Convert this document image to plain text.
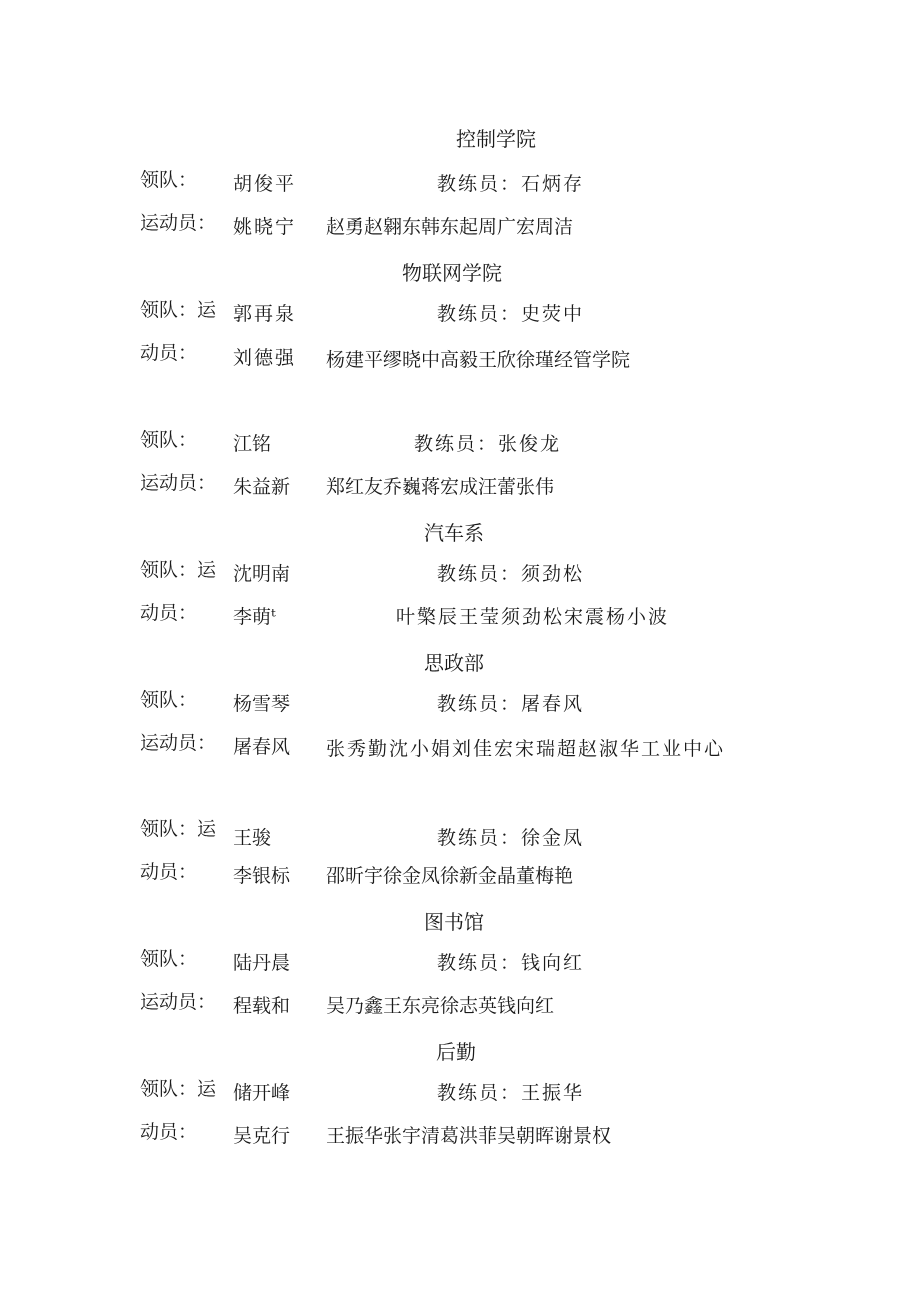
控制学院
领队： 胡俊平	教练员：石炳存
运动员： 姚晓宁 赵勇赵翱东韩东起周广宏周洁
物联网学院
领队：运 郭再泉	教练员：史荧中
动员： 刘德强 杨建平缪晓中高毅王欣徐瑾经管学院
领队： 江铭	教练员：张俊龙
运动员： 朱益新 郑红友乔巍蒋宏成汪蕾张伟
汽车系
领队：运 沈明南	教练员：须劲松
动员： 李萌ᵗ	叶檠辰王莹须劲松宋震杨小波
思政部
领队： 杨雪琴	教练员：屠春风
运动员： 屠春风 张秀勤沈小娟刘佳宏宋瑞超赵淑华工业中心
领队：运 王骏	教练员：徐金凤
动员： 李银标 邵昕宇徐金凤徐新金晶董梅艳
图书馆
领队： 陆丹晨	教练员：钱向红
运动员： 程载和 吴乃鑫王东亮徐志英钱向红
后勤
领队：运 储开峰	教练员：王振华
动员： 吴克行 王振华张宇清葛洪菲吴朝晖谢景权
